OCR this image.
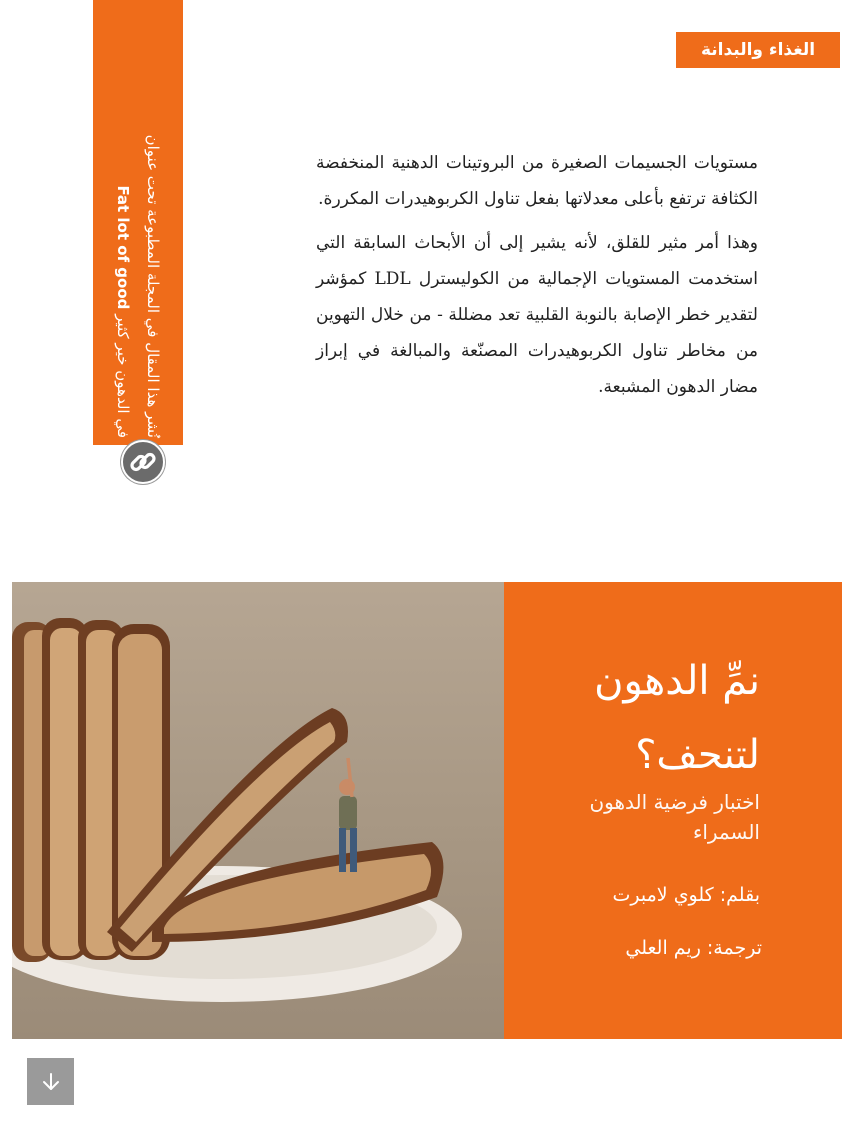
الغذاء والبدانة
نُشر هذا المقال في المجلة المطبوعة تحت عنوان
في الدهون خير كثير Fat lot of good

مستويات الجسيمات الصغيرة من البروتينات الدهنية المنخفضة الكثافة ترتفع بأعلى معدلاتها بفعل تناول الكربوهيدرات المكررة.

وهذا أمر مثير للقلق، لأنه يشير إلى أن الأبحاث السابقة التي استخدمت المستويات الإجمالية من الكوليسترل LDL كمؤشر لتقدير خطر الإصابة بالنوبة القلبية تعد مضللة - من خلال التهوين من مخاطر تناول الكربوهيدرات المصنّعة والمبالغة في إبراز مضار الدهون المشبعة.

نمِّ الدهون
لتنحف؟
اختبار فرضية الدهون السمراء
بقلم: كلوي لامبرت
ترجمة: ريم العلي
